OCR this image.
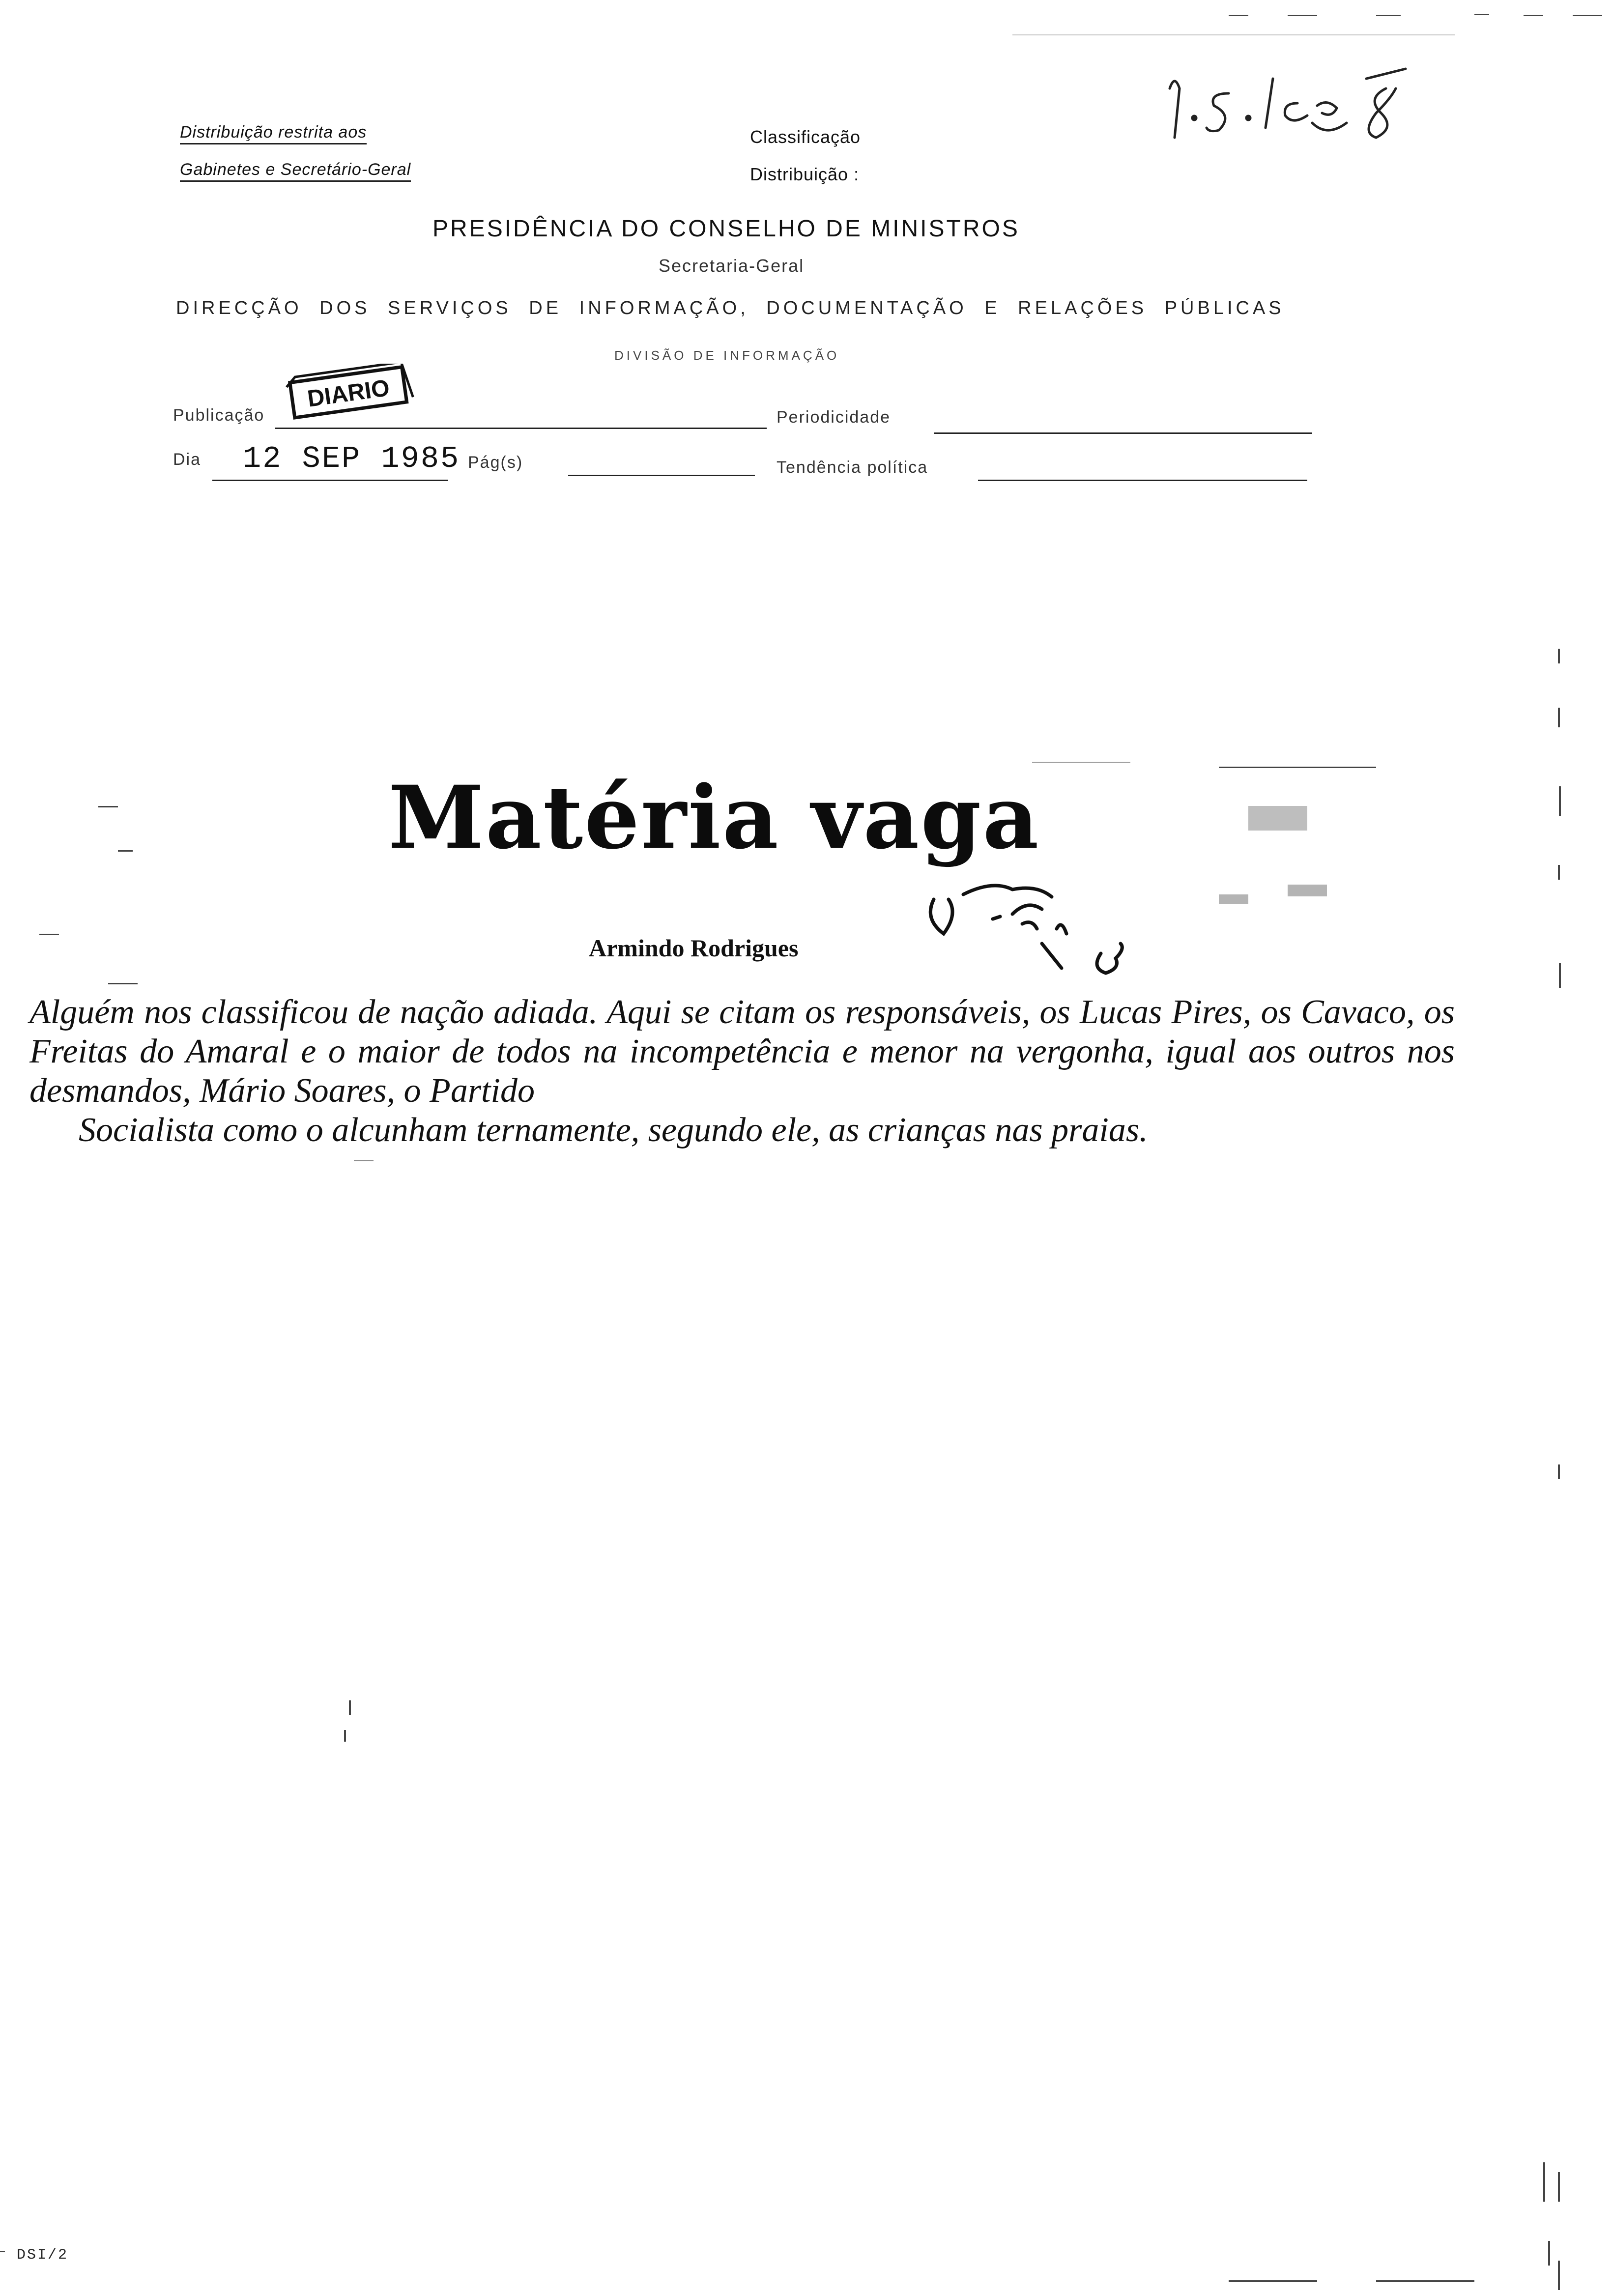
Distribuição restrita aos
Gabinetes e Secretário-Geral
Classificação
Distribuição :
PRESIDÊNCIA DO CONSELHO DE MINISTROS
Secretaria-Geral
DIRECÇÃO DOS SERVIÇOS DE INFORMAÇÃO, DOCUMENTAÇÃO E RELAÇÕES PÚBLICAS
DIVISÃO DE INFORMAÇÃO
Publicação
DIARIO
Periodicidade
Dia 12 SEP 1985 Pág(s)	Tendência política
Matéria vaga
Armindo Rodrigues
Alguém nos classificou de nação adiada. Aqui se citam os responsáveis, os Lucas Pires, os Cavaco, os Freitas do Amaral e o maior de todos na incompetência e menor na vergonha, igual aos outros nos desmandos, Mário Soares, o Partido
Socialista como o alcunham ternamente, segundo ele, as crianças nas praias.
DSI/2
